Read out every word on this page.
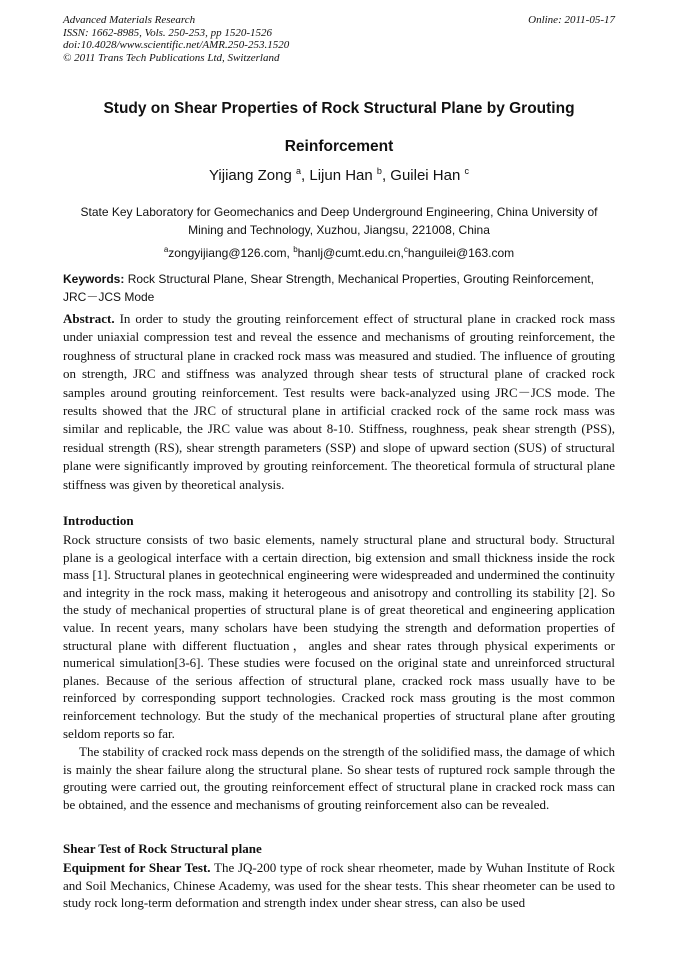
Advanced Materials Research
ISSN: 1662-8985, Vols. 250-253, pp 1520-1526
doi:10.4028/www.scientific.net/AMR.250-253.1520
© 2011 Trans Tech Publications Ltd, Switzerland
Online: 2011-05-17
Study on Shear Properties of Rock Structural Plane by Grouting
Reinforcement
Yijiang Zong $^a$, Lijun Han $^b$, Guilei Han $^c$
State Key Laboratory for Geomechanics and Deep Underground Engineering, China University of Mining and Technology, Xuzhou, Jiangsu, 221008, China
$^a$zongyijiang@126.com, $^b$hanlj@cumt.edu.cn,$^c$hanguilei@163.com
Keywords: Rock Structural Plane, Shear Strength, Mechanical Properties, Grouting Reinforcement, JRC－JCS Mode

Abstract. In order to study the grouting reinforcement effect of structural plane in cracked rock mass under uniaxial compression test and reveal the essence and mechanisms of grouting reinforcement, the roughness of structural plane in cracked rock mass was measured and studied. The influence of grouting on strength, JRC and stiffness was analyzed through shear tests of structural plane of cracked rock samples around grouting reinforcement. Test results were back-analyzed using JRC－JCS mode. The results showed that the JRC of structural plane in artificial cracked rock of the same rock mass was similar and replicable, the JRC value was about 8-10. Stiffness, roughness, peak shear strength (PSS), residual strength (RS), shear strength parameters (SSP) and slope of upward section (SUS) of structural plane were significantly improved by grouting reinforcement. The theoretical formula of structural plane stiffness was given by theoretical analysis.

Introduction

Rock structure consists of two basic elements, namely structural plane and structural body. Structural plane is a geological interface with a certain direction, big extension and small thickness inside the rock mass [1]. Structural planes in geotechnical engineering were widespreaded and undermined the continuity and integrity in the rock mass, making it heterogeous and anisotropy and controlling its stability [2]. So the study of mechanical properties of structural plane is of great theoretical and engineering application value. In recent years, many scholars have been studying the strength and deformation properties of structural plane with different fluctuation，angles and shear rates through physical experiments or numerical simulation[3-6]. These studies were focused on the original state and unreinforced structural planes. Because of the serious affection of structural plane, cracked rock mass usually have to be reinforced by corresponding support technologies. Cracked rock mass grouting is the most common reinforcement technology. But the study of the mechanical properties of structural plane after grouting seldom reports so far.

The stability of cracked rock mass depends on the strength of the solidified mass, the damage of which is mainly the shear failure along the structural plane. So shear tests of ruptured rock sample through the grouting were carried out, the grouting reinforcement effect of structural plane in cracked rock mass can be obtained, and the essence and mechanisms of grouting reinforcement also can be revealed.

Shear Test of Rock Structural plane

Equipment for Shear Test. The JQ-200 type of rock shear rheometer, made by Wuhan Institute of Rock and Soil Mechanics, Chinese Academy, was used for the shear tests. This shear rheometer can be used to study rock long-term deformation and strength index under shear stress, can also be used
